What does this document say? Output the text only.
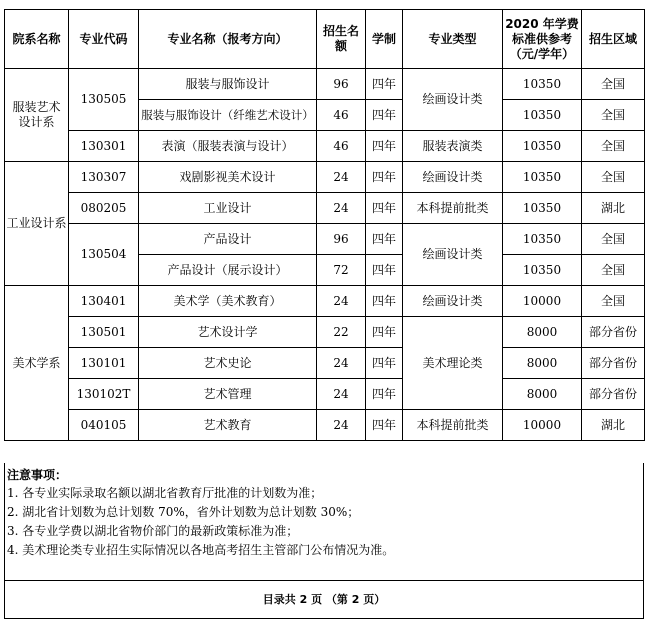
院系名称	专业代码	专业名称（报考方向）	招生名额	学制	专业类型	2020 年学费
标准供参考
（元/学年）	招生区域

服装艺术
设计系	130505	服装与服饰设计	96	四年	绘画设计类	10350	全国
		服装与服饰设计（纤维艺术设计）	46	四年		10350	全国
	130301	表演（服装表演与设计）	46	四年	服装表演类	10350	全国
工业设计系	130307	戏剧影视美术设计	24	四年	绘画设计类	10350	全国
	080205	工业设计	24	四年	本科提前批类	10350	湖北
	130504	产品设计	96	四年	绘画设计类	10350	全国
		产品设计（展示设计）	72	四年		10350	全国
美术学系	130401	美术学（美术教育）	24	四年	绘画设计类	10000	全国
	130501	艺术设计学	22	四年	美术理论类	8000	部分省份
	130101	艺术史论	24	四年		8000	部分省份
	130102T	艺术管理	24	四年		8000	部分省份
	040105	艺术教育	24	四年	本科提前批类	10000	湖北
注意事项：
1. 各专业实际录取名额以湖北省教育厅批准的计划数为准；
2. 湖北省计划数为总计划数 70%，省外计划数为总计划数 30%；
3. 各专业学费以湖北省物价部门的最新政策标准为准；
4. 美术理论类专业招生实际情况以各地高考招生主管部门公布情况为准。
目录共 2 页 （第 2 页）
